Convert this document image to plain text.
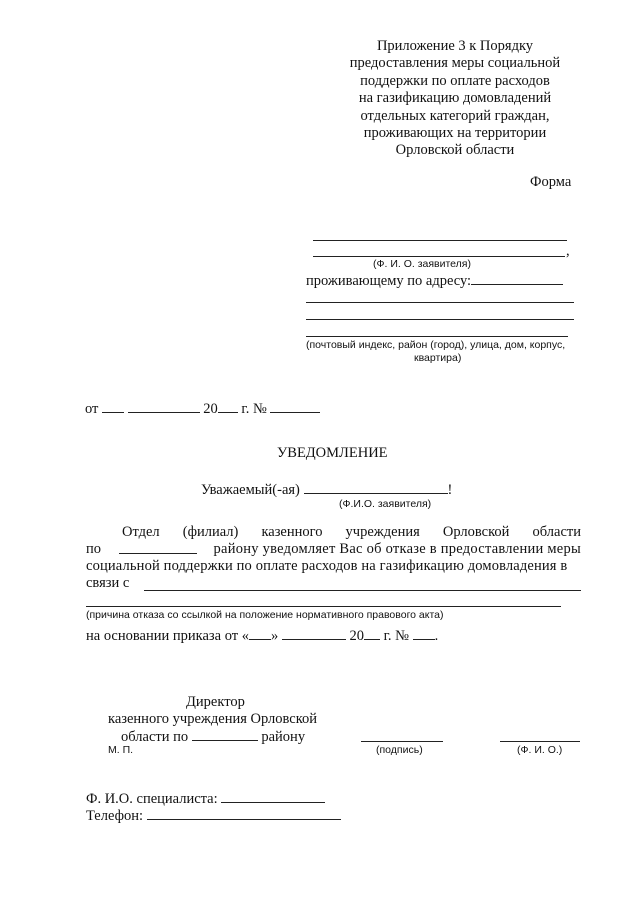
Приложение 3 к Порядку
предоставления меры социальной
поддержки по оплате расходов
на газификацию домовладений
отдельных категорий граждан,
проживающих на территории
Орловской области
Форма
,
(Ф. И. О. заявителя)
проживающему по адресу:
(почтовый индекс, район (город), улица, дом, корпус,
квартира)
от	20 г. №
УВЕДОМЛЕНИЕ
Уважаемый(-ая)	!
(Ф.И.О. заявителя)
Отдел (филиал) казенного учреждения Орловской области
по	району уведомляет Вас об отказе в предоставлении меры
социальной поддержки по оплате расходов на газификацию домовладения в
связи с
(причина отказа со ссылкой на положение нормативного правового акта)
на основании приказа от « »	20 г. № .
Директор
казенного учреждения Орловской
области по	району
М. П.	(подпись)	(Ф. И. О.)
Ф. И.О. специалиста:
Телефон:
